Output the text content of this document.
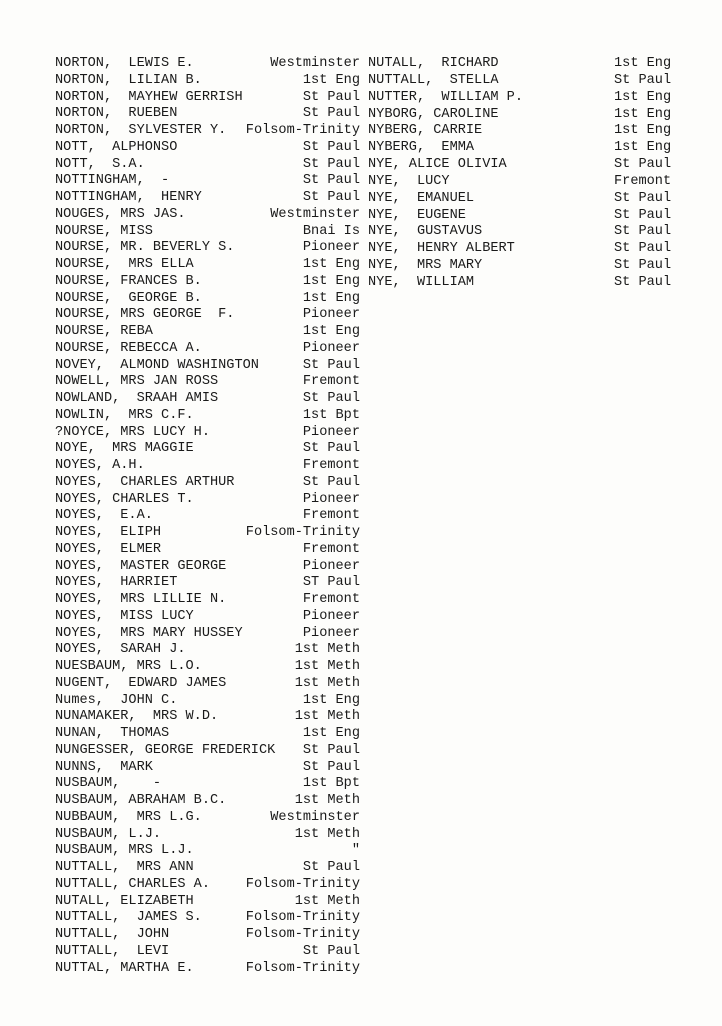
NORTON,  LEWIS E.	Westminster
NORTON,  LILIAN B.	1st Eng
NORTON,  MAYHEW GERRISH	St Paul
NORTON,  RUEBEN	St Paul
NORTON,  SYLVESTER Y. Folsom-Trinity
NOTT,  ALPHONSO	St Paul
NOTT,  S.A.	St Paul
NOTTINGHAM,  -	St Paul
NOTTINGHAM,  HENRY	St Paul
NOUGES, MRS JAS.	Westminster
NOURSE, MISS	Bnai Is
NOURSE, MR. BEVERLY S.	Pioneer
NOURSE,  MRS ELLA	1st Eng
NOURSE, FRANCES B.	1st Eng
NOURSE,  GEORGE B.	1st Eng
NOURSE, MRS GEORGE  F.	Pioneer
NOURSE, REBA	1st Eng
NOURSE, REBECCA A.	Pioneer
NOVEY,  ALMOND WASHINGTON	St Paul
NOWELL, MRS JAN ROSS	Fremont
NOWLAND,  SRAAH AMIS	St Paul
NOWLIN,  MRS C.F.	1st Bpt
?NOYCE, MRS LUCY H.	Pioneer
NOYE,  MRS MAGGIE	St Paul
NOYES, A.H.	Fremont
NOYES,  CHARLES ARTHUR	St Paul
NOYES, CHARLES T.	Pioneer
NOYES,  E.A.	Fremont
NOYES,  ELIPH	Folsom-Trinity
NOYES,  ELMER	Fremont
NOYES,  MASTER GEORGE	Pioneer
NOYES,  HARRIET	ST Paul
NOYES,  MRS LILLIE N.	Fremont
NOYES,  MISS LUCY	Pioneer
NOYES,  MRS MARY HUSSEY	Pioneer
NOYES,  SARAH J.	1st Meth
NUESBAUM, MRS L.O.	1st Meth
NUGENT,  EDWARD JAMES	1st Meth
Numes,  JOHN C.	1st Eng
NUNAMAKER,  MRS W.D.	1st Meth
NUNAN,  THOMAS	1st Eng
NUNGESSER, GEORGE FREDERICK St Paul
NUNNS,  MARK	St Paul
NUSBAUM,    -	1st Bpt
NUSBAUM, ABRAHAM B.C.	1st Meth
NUBBAUM,  MRS L.G.	Westminster
NUSBAUM, L.J.	1st Meth
NUSBAUM, MRS L.J.	"
NUTTALL,  MRS ANN	St Paul
NUTTALL, CHARLES A.	Folsom-Trinity
NUTALL, ELIZABETH	1st Meth
NUTTALL,  JAMES S.	Folsom-Trinity
NUTTALL,  JOHN	Folsom-Trinity
NUTTALL,  LEVI	St Paul
NUTTAL, MARTHA E.	Folsom-Trinity
NUTALL,  RICHARD	1st Eng
NUTTALL,  STELLA	St Paul
NUTTER,  WILLIAM P.	1st Eng
NYBORG, CAROLINE	1st Eng
NYBERG, CARRIE	1st Eng
NYBERG,  EMMA	1st Eng
NYE, ALICE OLIVIA	St Paul
NYE,  LUCY	Fremont
NYE,  EMANUEL	St Paul
NYE,  EUGENE	St Paul
NYE,  GUSTAVUS	St Paul
NYE,  HENRY ALBERT	St Paul
NYE,  MRS MARY	St Paul
NYE,  WILLIAM	St Paul
